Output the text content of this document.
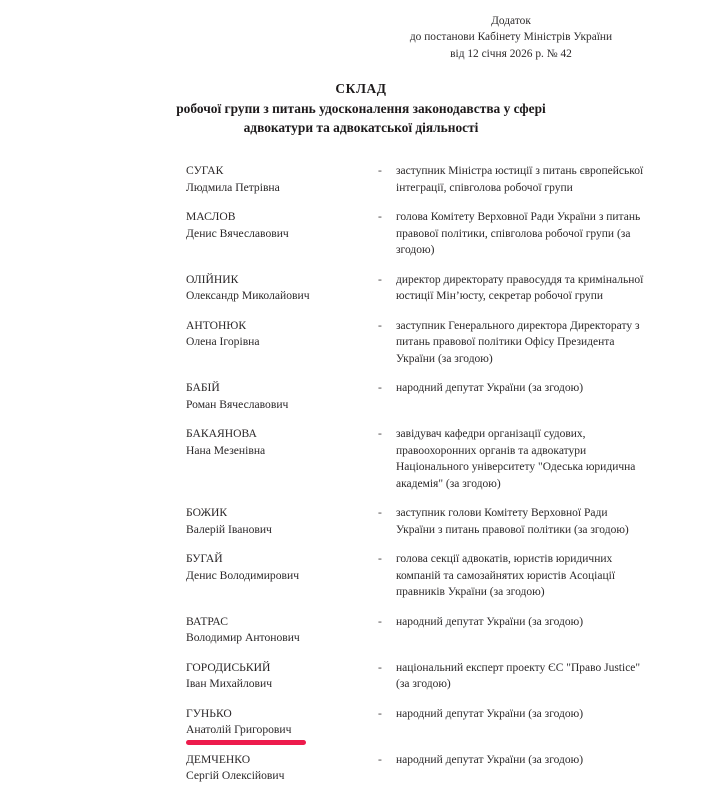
Додаток
до постанови Кабінету Міністрів України
від 12 січня 2026 р. № 42
СКЛАД
робочої групи з питань удосконалення законодавства у сфері
адвокатури та адвокатської діяльності
СУГАК
Людмила Петрівна
-	заступник Міністра юстиції з питань європейської інтеграції, співголова робочої групи
МАСЛОВ
Денис Вячеславович
-	голова Комітету Верховної Ради України з питань правової політики, співголова робочої групи (за згодою)
ОЛІЙНИК
Олександр Миколайович
-	директор директорату правосуддя та кримінальної юстиції Мін’юсту, секретар робочої групи
АНТОНЮК
Олена Ігорівна
-	заступник Генерального директора Директорату з питань правової політики Офісу Президента України (за згодою)
БАБІЙ
Роман Вячеславович
-	народний депутат України (за згодою)
БАКАЯНОВА
Нана Мезенівна
-	завідувач кафедри організації судових, правоохоронних органів та адвокатури Національного університету "Одеська юридична академія" (за згодою)
БОЖИК
Валерій Іванович
-	заступник голови Комітету Верховної Ради України з питань правової політики (за згодою)
БУГАЙ
Денис Володимирович
-	голова секції адвокатів, юристів юридичних компаній та самозайнятих юристів Асоціації правників України (за згодою)
ВАТРАС
Володимир Антонович
-	народний депутат України (за згодою)
ГОРОДИСЬКИЙ
Іван Михайлович
-	національний експерт проекту ЄС "Право Justice" (за згодою)
ГУНЬКО
Анатолій Григорович
-	народний депутат України (за згодою)
ДЕМЧЕНКО
Сергій Олексійович
-	народний депутат України (за згодою)
